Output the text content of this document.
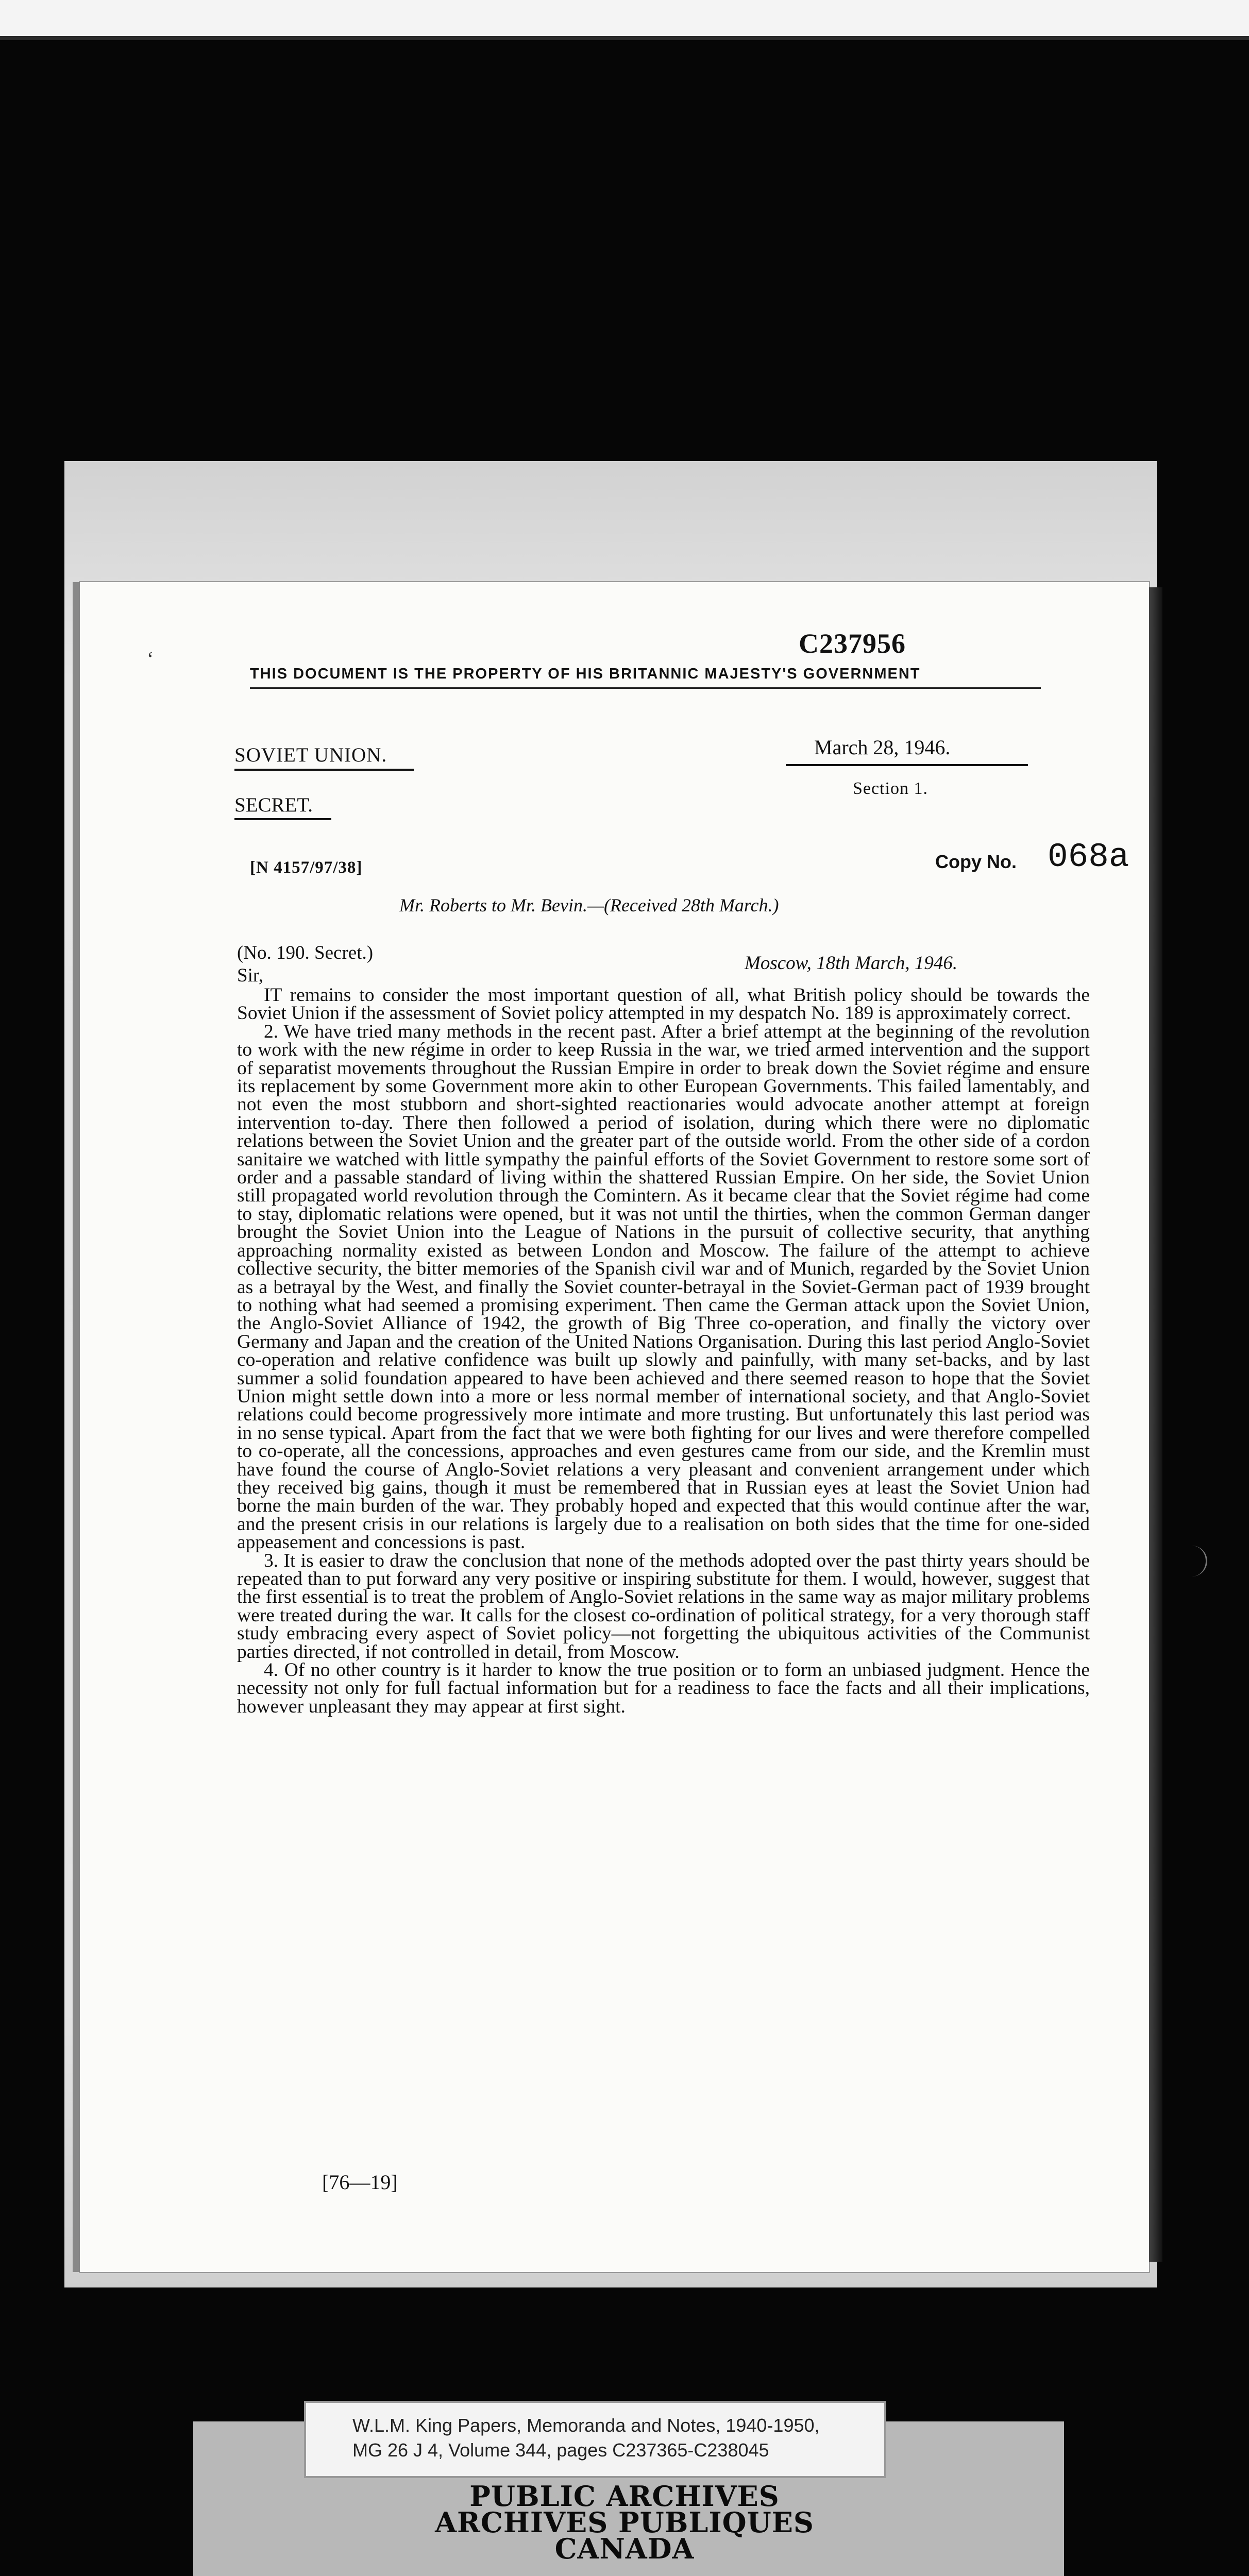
‘	C237956
THIS DOCUMENT IS THE PROPERTY OF HIS BRITANNIC MAJESTY'S GOVERNMENT
SOVIET UNION.	March 28, 1946.
Section 1.
SECRET.
[N 4157/97/38]	Copy No. 068a
Mr. Roberts to Mr. Bevin.—(Received 28th March.)
(No. 190. Secret.)	Moscow, 18th March, 1946.
Sir,

IT remains to consider the most important question of all, what British policy should be towards the Soviet Union if the assessment of Soviet policy attempted in my despatch No. 189 is approximately correct.

2. We have tried many methods in the recent past. After a brief attempt at the beginning of the revolution to work with the new régime in order to keep Russia in the war, we tried armed intervention and the support of separatist movements throughout the Russian Empire in order to break down the Soviet régime and ensure its replacement by some Government more akin to other European Governments. This failed lamentably, and not even the most stubborn and short-sighted reactionaries would advocate another attempt at foreign intervention to-day. There then followed a period of isolation, during which there were no diplomatic relations between the Soviet Union and the greater part of the outside world. From the other side of a cordon sanitaire we watched with little sympathy the painful efforts of the Soviet Government to restore some sort of order and a passable standard of living within the shattered Russian Empire. On her side, the Soviet Union still propagated world revolution through the Comintern. As it became clear that the Soviet régime had come to stay, diplomatic relations were opened, but it was not until the thirties, when the common German danger brought the Soviet Union into the League of Nations in the pursuit of collective security, that anything approaching normality existed as between London and Moscow. The failure of the attempt to achieve collective security, the bitter memories of the Spanish civil war and of Munich, regarded by the Soviet Union as a betrayal by the West, and finally the Soviet counter-betrayal in the Soviet-German pact of 1939 brought to nothing what had seemed a promising experiment. Then came the German attack upon the Soviet Union, the Anglo-Soviet Alliance of 1942, the growth of Big Three co-operation, and finally the victory over Germany and Japan and the creation of the United Nations Organisation. During this last period Anglo-Soviet co-operation and relative confidence was built up slowly and painfully, with many set-backs, and by last summer a solid foundation appeared to have been achieved and there seemed reason to hope that the Soviet Union might settle down into a more or less normal member of international society, and that Anglo-Soviet relations could become progressively more intimate and more trusting. But unfortunately this last period was in no sense typical. Apart from the fact that we were both fighting for our lives and were therefore compelled to co-operate, all the concessions, approaches and even gestures came from our side, and the Kremlin must have found the course of Anglo-Soviet relations a very pleasant and convenient arrangement under which they received big gains, though it must be remembered that in Russian eyes at least the Soviet Union had borne the main burden of the war. They probably hoped and expected that this would continue after the war, and the present crisis in our relations is largely due to a realisation on both sides that the time for one-sided appeasement and concessions is past.

3. It is easier to draw the conclusion that none of the methods adopted over the past thirty years should be repeated than to put forward any very positive or inspiring substitute for them. I would, however, suggest that the first essential is to treat the problem of Anglo-Soviet relations in the same way as major military problems were treated during the war. It calls for the closest co-ordination of political strategy, for a very thorough staff study embracing every aspect of Soviet policy—not forgetting the ubiquitous activities of the Communist parties directed, if not controlled in detail, from Moscow.

4. Of no other country is it harder to know the true position or to form an unbiased judgment. Hence the necessity not only for full factual information but for a readiness to face the facts and all their implications, however unpleasant they may appear at first sight.

[76—19]
W.L.M. King Papers, Memoranda and Notes, 1940-1950,
MG 26 J 4, Volume 344, pages C237365-C238045
PUBLIC ARCHIVES
ARCHIVES PUBLIQUES
CANADA
